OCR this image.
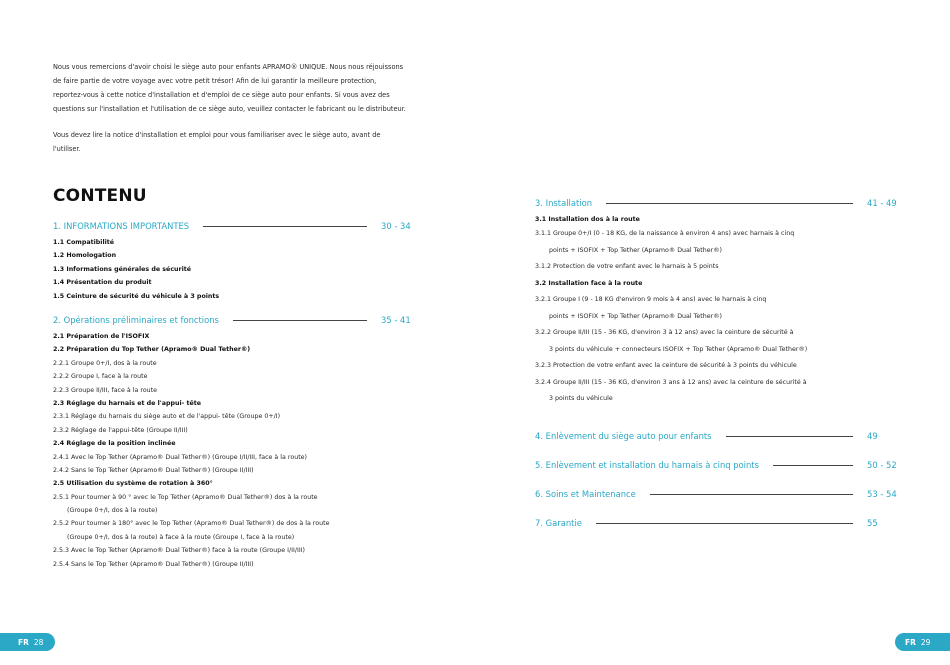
Nous vous remercions d'avoir choisi le siège auto pour enfants APRAMO® UNIQUE. Nous nous réjouissons de faire partie de votre voyage avec votre petit trésor! Afin de lui garantir la meilleure protection, reportez-vous à cette notice d'installation et d'emploi de ce siège auto pour enfants. Si vous avez des questions sur l'installation et l'utilisation de ce siège auto, veuillez contacter le fabricant ou le distributeur.

Vous devez lire la notice d'installation et emploi pour vous familiariser avec le siège auto, avant de l'utiliser.

CONTENU
1. INFORMATIONS IMPORTANTES	30 - 34
1.1 Compatibilité
1.2 Homologation
1.3 Informations générales de sécurité
1.4 Présentation du produit
1.5 Ceinture de sécurité du véhicule à 3 points
2. Opérations préliminaires et fonctions	35 - 41
2.1 Préparation de l'ISOFIX
2.2 Préparation du Top Tether (Apramo® Dual Tether®)
2.2.1 Groupe 0+/I, dos à la route
2.2.2 Groupe I, face à la route
2.2.3 Groupe II/III, face à la route
2.3 Réglage du harnais et de l'appui- tête
2.3.1 Réglage du harnais du siège auto et de l'appui- tête (Groupe 0+/I)
2.3.2 Réglage de l'appui-tête (Groupe II/III)
2.4 Réglage de la position inclinée
2.4.1 Avec le Top Tether (Apramo® Dual Tether®) (Groupe I/II/III, face à la route)
2.4.2 Sans le Top Tether (Apramo® Dual Tether®) (Groupe II/III)
2.5 Utilisation du système de rotation à 360°
2.5.1 Pour tourner à 90 ° avec le Top Tether (Apramo® Dual Tether®) dos à la route
(Groupe 0+/I, dos à la route)
2.5.2 Pour tourner à 180° avec le Top Tether (Apramo® Dual Tether®) de dos à la route
(Groupe 0+/I, dos à la route) à face à la route (Groupe I, face à la route)
2.5.3 Avec le Top Tether (Apramo® Dual Tether®) face à la route (Groupe I/II/III)
2.5.4 Sans le Top Tether (Apramo® Dual Tether®) (Groupe II/III)
FR 28
3. Installation	41 - 49
3.1 Installation dos à la route
3.1.1 Groupe 0+/I (0 - 18 KG, de la naissance à environ 4 ans) avec harnais à cinq
points + ISOFIX + Top Tether (Apramo® Dual Tether®)
3.1.2 Protection de votre enfant avec le harnais à 5 points
3.2 Installation face à la route
3.2.1 Groupe I (9 - 18 KG d'environ 9 mois à 4 ans) avec le harnais à cinq
points + ISOFIX + Top Tether (Apramo® Dual Tether®)
3.2.2 Groupe II/III (15 - 36 KG, d'environ 3 à 12 ans) avec la ceinture de sécurité à
3 points du véhicule + connecteurs ISOFIX + Top Tether (Apramo® Dual Tether®)
3.2.3 Protection de votre enfant avec la ceinture de sécurité à 3 points du véhicule
3.2.4 Groupe II/III (15 - 36 KG, d'environ 3 ans à 12 ans) avec la ceinture de sécurité à
3 points du véhicule
4. Enlèvement du siège auto pour enfants	49
5. Enlèvement et installation du harnais à cinq points	50 - 52
6. Soins et Maintenance	53 - 54
7. Garantie	55
FR 29
